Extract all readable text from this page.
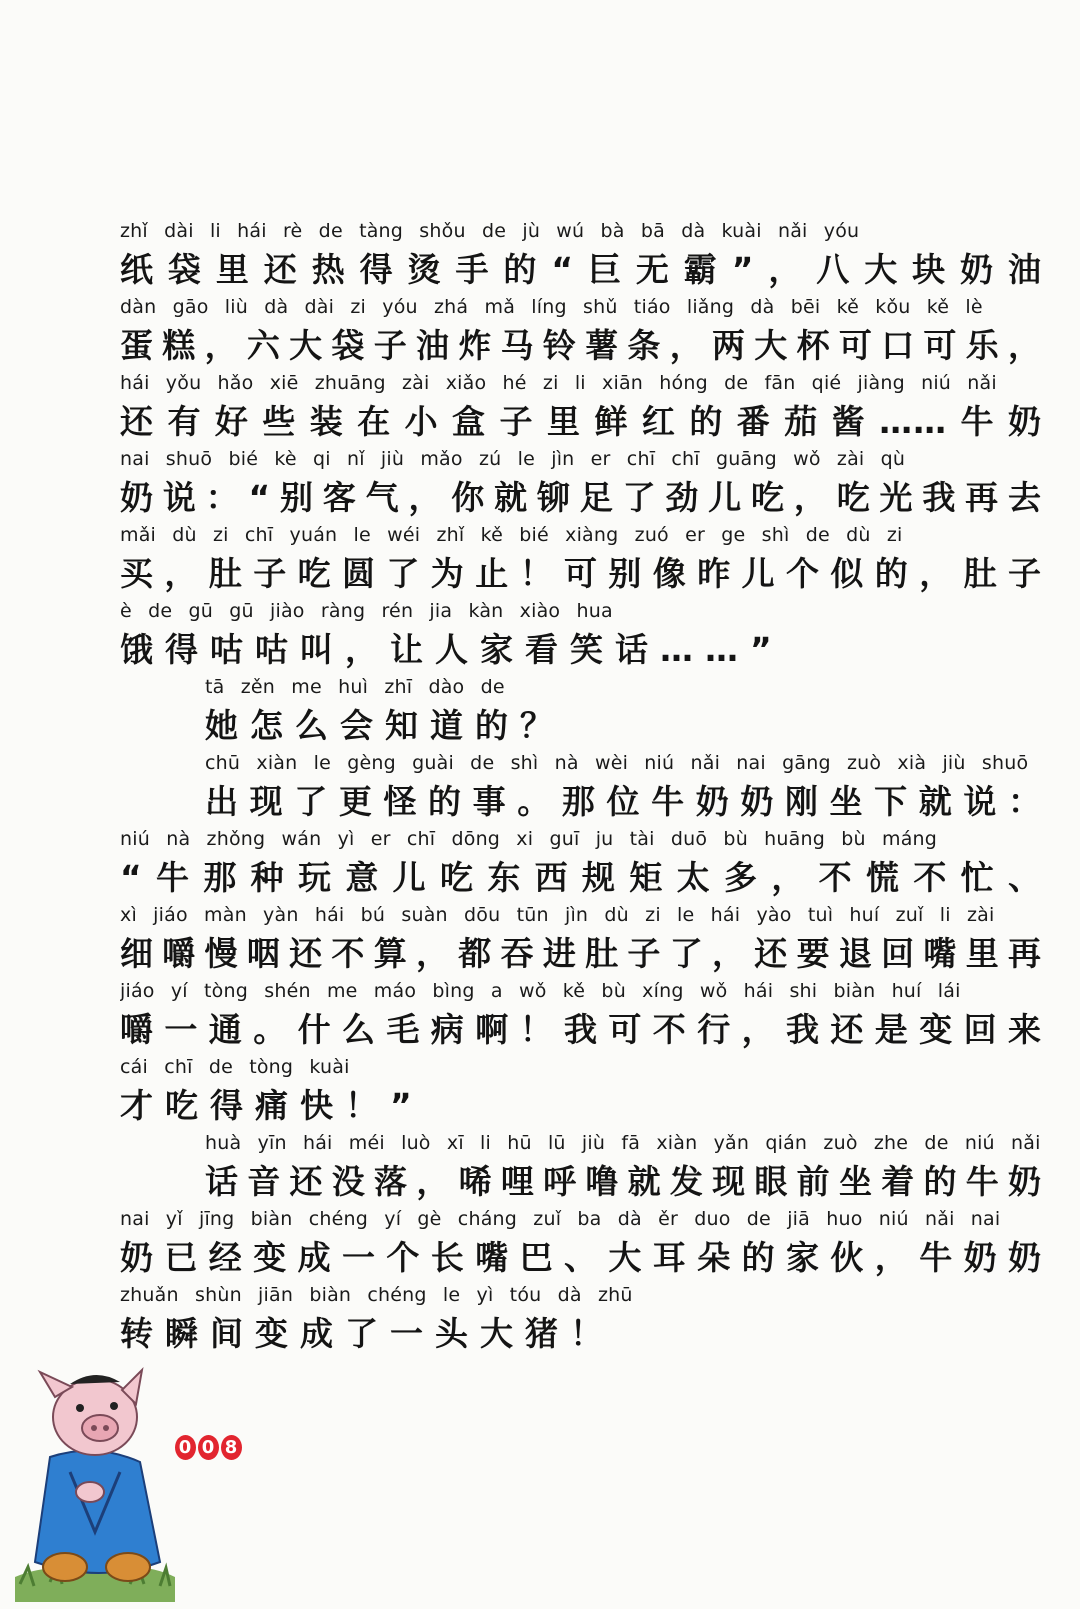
zhǐ dài li hái rè de tàng shǒu de jù wú bà bā dà kuài nǎi yóu
纸袋里还热得烫手的“巨无霸”，八大块奶油
dàn gāo liù dà dài zi yóu zhá mǎ líng shǔ tiáo liǎng dà bēi kě kǒu kě lè
蛋糕，六大袋子油炸马铃薯条，两大杯可口可乐，
hái yǒu hǎo xiē zhuāng zài xiǎo hé zi li xiān hóng de fān qié jiàng niú nǎi
还有好些装在小盒子里鲜红的番茄酱……牛奶
nai shuō bié kè qi nǐ jiù mǎo zú le jìn er chī chī guāng wǒ zài qù
奶说：“别客气，你就铆足了劲儿吃，吃光我再去
mǎi dù zi chī yuán le wéi zhǐ kě bié xiàng zuó er ge shì de dù zi
买，肚子吃圆了为止！可别像昨儿个似的，肚子
è de gū gū jiào ràng rén jia kàn xiào hua
饿得咕咕叫，让人家看笑话……”
tā zěn me huì zhī dào de
她怎么会知道的？
chū xiàn le gèng guài de shì nà wèi niú nǎi nai gāng zuò xià jiù shuō
出现了更怪的事。那位牛奶奶刚坐下就说：
niú nà zhǒng wán yì er chī dōng xi guī ju tài duō bù huāng bù máng
“牛那种玩意儿吃东西规矩太多，不慌不忙、
xì jiáo màn yàn hái bú suàn dōu tūn jìn dù zi le hái yào tuì huí zuǐ li zài
细嚼慢咽还不算，都吞进肚子了，还要退回嘴里再
jiáo yí tòng shén me máo bìng a wǒ kě bù xíng wǒ hái shi biàn huí lái
嚼一通。什么毛病啊！我可不行，我还是变回来
cái chī de tòng kuài
才吃得痛快！”
huà yīn hái méi luò xī li hū lū jiù fā xiàn yǎn qián zuò zhe de niú nǎi
话音还没落，唏哩呼噜就发现眼前坐着的牛奶
nai yǐ jīng biàn chéng yí gè cháng zuǐ ba dà ěr duo de jiā huo niú nǎi nai
奶已经变成一个长嘴巴、大耳朵的家伙，牛奶奶
zhuǎn shùn jiān biàn chéng le yì tóu dà zhū
转瞬间变成了一头大猪！
0 0 8
